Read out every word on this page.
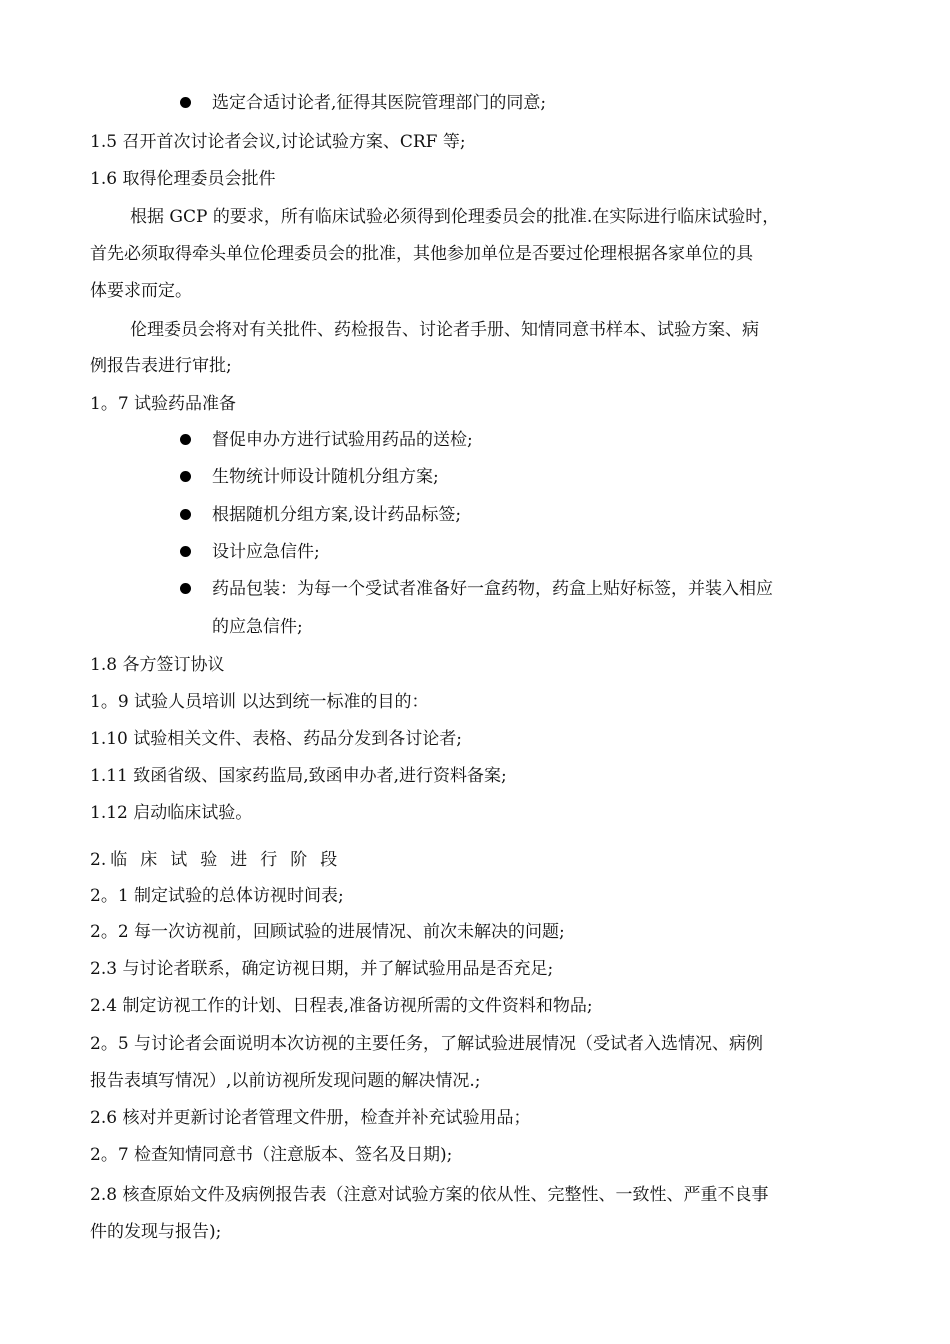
选定合适讨论者,征得其医院管理部门的同意;
1.5 召开首次讨论者会议,讨论试验方案、CRF 等;
1.6 取得伦理委员会批件
根据 GCP 的要求，所有临床试验必须得到伦理委员会的批准.在实际进行临床试验时，
首先必须取得牵头单位伦理委员会的批准，其他参加单位是否要过伦理根据各家单位的具
体要求而定。
伦理委员会将对有关批件、药检报告、讨论者手册、知情同意书样本、试验方案、病
例报告表进行审批;
1。7 试验药品准备
督促申办方进行试验用药品的送检;
生物统计师设计随机分组方案;
根据随机分组方案,设计药品标签;
设计应急信件;
药品包装：为每一个受试者准备好一盒药物，药盒上贴好标签，并装入相应
的应急信件;
1.8 各方签订协议
1。9 试验人员培训 以达到统一标准的目的：
1.10 试验相关文件、表格、药品分发到各讨论者;
1.11 致函省级、国家药监局,致函申办者,进行资料备案;
1.12 启动临床试验。
2. 临床试验进行阶段
2。1 制定试验的总体访视时间表;
2。2 每一次访视前，回顾试验的进展情况、前次未解决的问题;
2.3 与讨论者联系，确定访视日期，并了解试验用品是否充足;
2.4 制定访视工作的计划、日程表,准备访视所需的文件资料和物品;
2。5 与讨论者会面说明本次访视的主要任务，了解试验进展情况（受试者入选情况、病例
报告表填写情况）,以前访视所发现问题的解决情况.;
2.6 核对并更新讨论者管理文件册，检查并补充试验用品；
2。7 检查知情同意书（注意版本、签名及日期);
2.8 核查原始文件及病例报告表（注意对试验方案的依从性、完整性、一致性、严重不良事
件的发现与报告);
